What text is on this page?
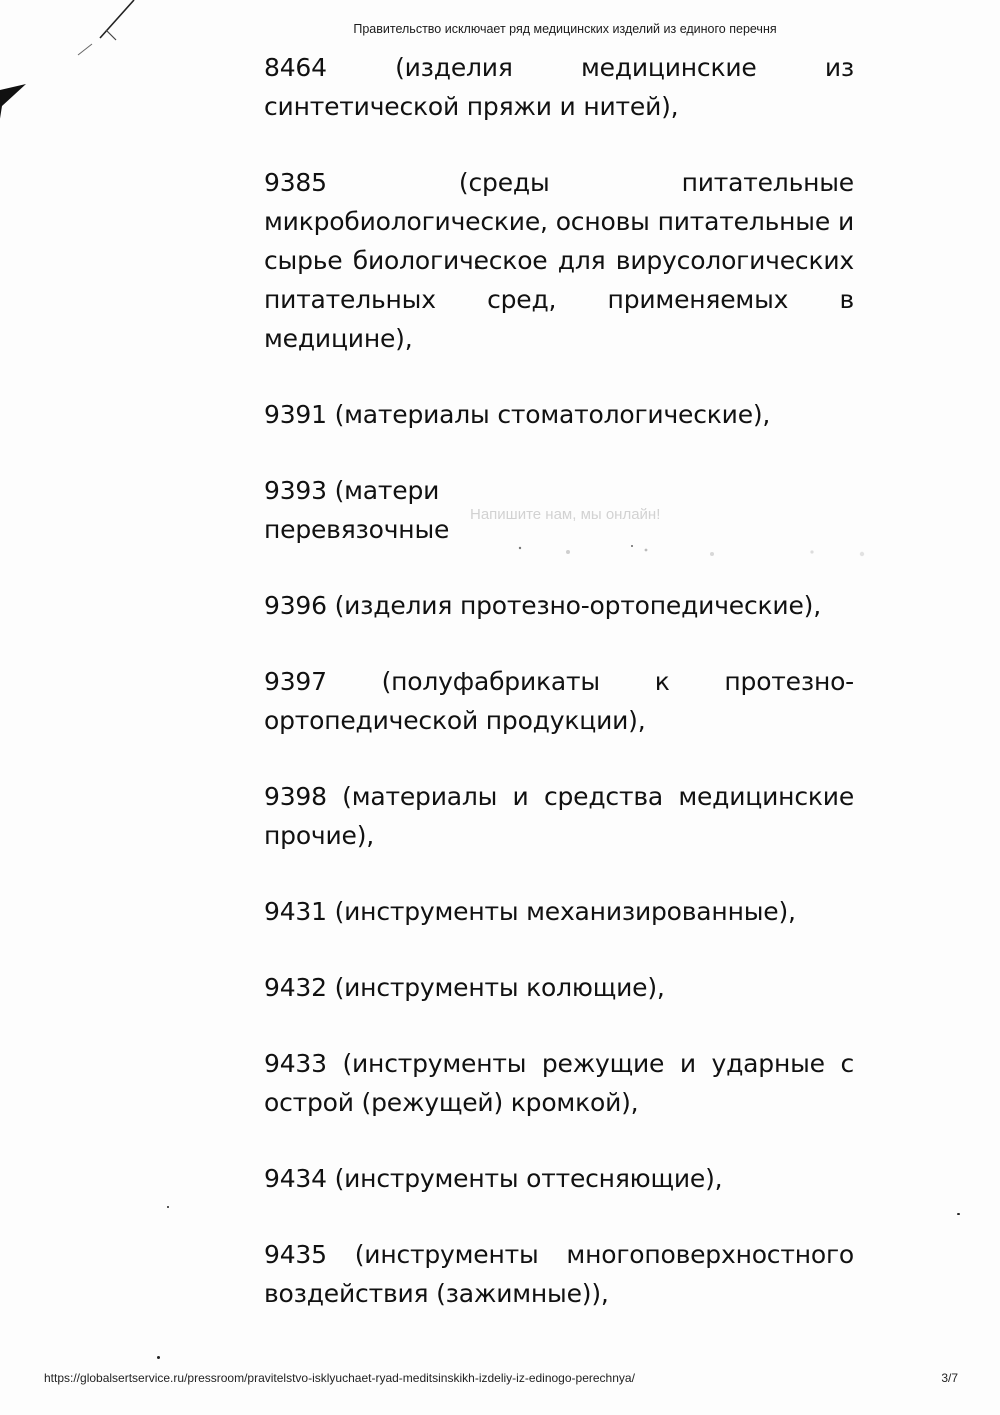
Правительство исключает ряд медицинских изделий из единого перечня

8464 (изделия медицинские из синтетической пряжи и нитей),

9385 (среды питательные микробиологические, основы питательные и сырье биологическое для вирусологических питательных сред, применяемых в медицине),

9391 (материалы стоматологические),

9393 (матери перевязочные

9396 (изделия протезно-ортопедические),

9397 (полуфабрикаты к протезно-ортопедической продукции),

9398 (материалы и средства медицинские прочие),

9431 (инструменты механизированные),

9432 (инструменты колющие),

9433 (инструменты режущие и ударные с острой (режущей) кромкой),

9434 (инструменты оттесняющие),

9435 (инструменты многоповерхностного воздействия (зажимные)),

Напишите нам, мы онлайн!
https://globalsertservice.ru/pressroom/pravitelstvo-isklyuchaet-ryad-meditsinskikh-izdeliy-iz-edinogo-perechnya/	3/7
